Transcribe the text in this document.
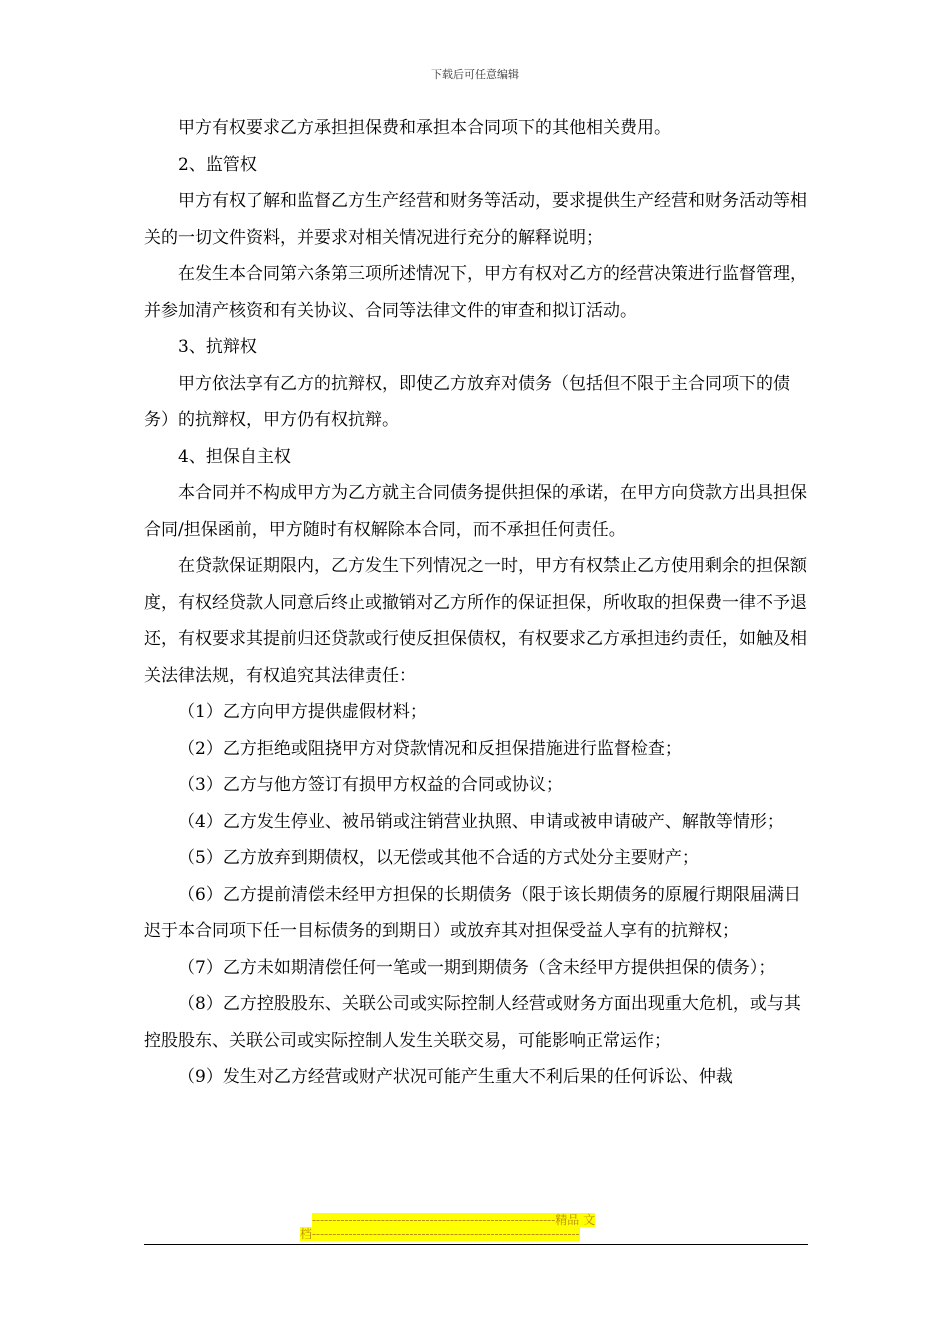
下载后可任意编辑

甲方有权要求乙方承担担保费和承担本合同项下的其他相关费用。

2、监管权

甲方有权了解和监督乙方生产经营和财务等活动，要求提供生产经营和财务活动等相关的一切文件资料，并要求对相关情况进行充分的解释说明；

在发生本合同第六条第三项所述情况下，甲方有权对乙方的经营决策进行监督管理，并参加清产核资和有关协议、合同等法律文件的审查和拟订活动。

3、抗辩权

甲方依法享有乙方的抗辩权，即使乙方放弃对债务（包括但不限于主合同项下的债务）的抗辩权，甲方仍有权抗辩。

4、担保自主权

本合同并不构成甲方为乙方就主合同债务提供担保的承诺，在甲方向贷款方出具担保合同/担保函前，甲方随时有权解除本合同，而不承担任何责任。

在贷款保证期限内，乙方发生下列情况之一时，甲方有权禁止乙方使用剩余的担保额度，有权经贷款人同意后终止或撤销对乙方所作的保证担保，所收取的担保费一律不予退还，有权要求其提前归还贷款或行使反担保债权，有权要求乙方承担违约责任，如触及相关法律法规，有权追究其法律责任：

（1）乙方向甲方提供虚假材料；

（2）乙方拒绝或阻挠甲方对贷款情况和反担保措施进行监督检查；

（3）乙方与他方签订有损甲方权益的合同或协议；

（4）乙方发生停业、被吊销或注销营业执照、申请或被申请破产、解散等情形；

（5）乙方放弃到期债权，以无偿或其他不合适的方式处分主要财产；

（6）乙方提前清偿未经甲方担保的长期债务（限于该长期债务的原履行期限届满日迟于本合同项下任一目标债务的到期日）或放弃其对担保受益人享有的抗辩权；

（7）乙方未如期清偿任何一笔或一期到期债务（含未经甲方提供担保的债务）；

（8）乙方控股股东、关联公司或实际控制人经营或财务方面出现重大危机，或与其控股股东、关联公司或实际控制人发生关联交易，可能影响正常运作；

（9）发生对乙方经营或财产状况可能产生重大不利后果的任何诉讼、仲裁

------------------------------------------------------------精品 文
档------------------------------------------------------------------
